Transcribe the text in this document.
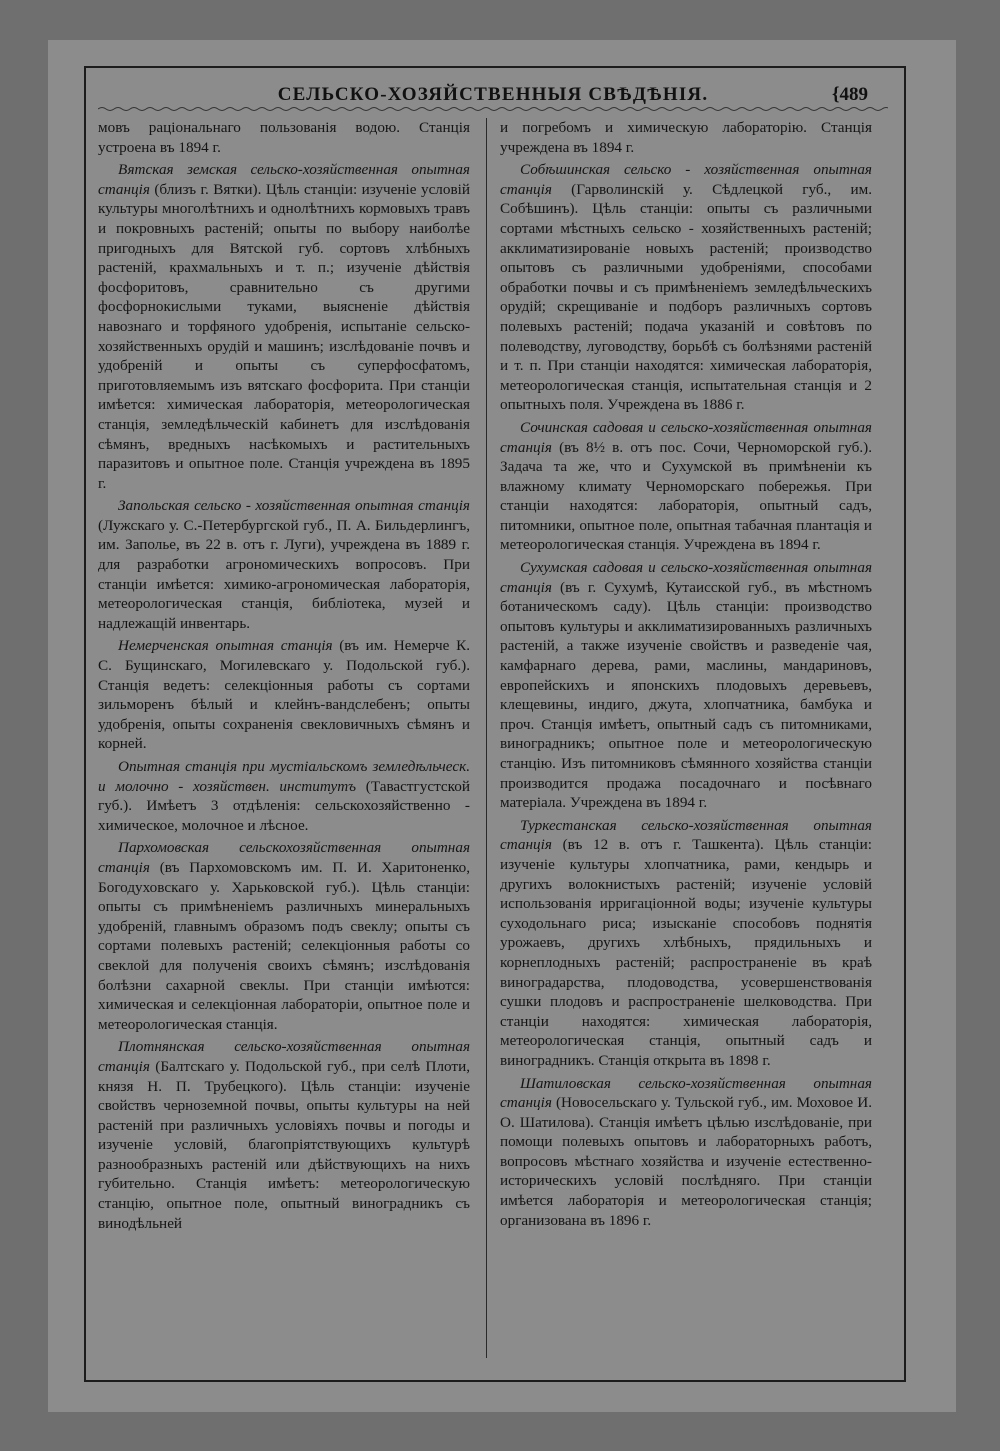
СЕЛЬСКО-ХОЗЯЙСТВЕННЫЯ СВѢДѢНІЯ.	{489

мовъ раціональнаго пользованія водою. Станція устроена въ 1894 г.

Вятская земская сельско-хозяйственная опытная станція (близъ г. Вятки). Цѣль станціи: изученіе условій культуры многолѣтнихъ и однолѣтнихъ кормовыхъ травъ и покровныхъ растеній; опыты по выбору наиболѣе пригодныхъ для Вятской губ. сортовъ хлѣбныхъ растеній, крахмальныхъ и т. п.; изученіе дѣйствія фосфоритовъ, сравнительно съ другими фосфорнокислыми туками, выясненіе дѣйствія навознаго и торфяного удобренія, испытаніе сельско-хозяйственныхъ орудій и машинъ; изслѣдованіе почвъ и удобреній и опыты съ суперфосфатомъ, приготовляемымъ изъ вятскаго фосфорита. При станціи имѣется: химическая лабораторія, метеорологическая станція, земледѣльческій кабинетъ для изслѣдованія сѣмянъ, вредныхъ насѣкомыхъ и растительныхъ паразитовъ и опытное поле. Станція учреждена въ 1895 г.

Запольская сельско - хозяйственная опытная станція (Лужскаго у. С.-Петербургской губ., П. А. Бильдерлингъ, им. Заполье, въ 22 в. отъ г. Луги), учреждена въ 1889 г. для разработки агрономическихъ вопросовъ. При станціи имѣется: химико-агрономическая лабораторія, метеорологическая станція, библіотека, музей и надлежащій инвентарь.

Немерченская опытная станція (въ им. Немерче К. С. Бущинскаго, Могилевскаго у. Подольской губ.). Станція ведетъ: селекціонныя работы съ сортами зильморенъ бѣлый и клейнъ-вандслебенъ; опыты удобренія, опыты сохраненія свекловичныхъ сѣмянъ и корней.

Опытная станція при мустіальскомъ земледѣльческ. и молочно - хозяйствен. институтъ (Тавастгустской губ.). Имѣетъ 3 отдѣленія: сельскохозяйственно - химическое, молочное и лѣсное.

Пархомовская сельскохозяйственная опытная станція (въ Пархомовскомъ им. П. И. Харитоненко, Богодуховскаго у. Харьковской губ.). Цѣль станціи: опыты съ примѣненіемъ различныхъ минеральныхъ удобреній, главнымъ образомъ подъ свеклу; опыты съ сортами полевыхъ растеній; селекціонныя работы со свеклой для полученія своихъ сѣмянъ; изслѣдованія болѣзни сахарной свеклы. При станціи имѣются: химическая и селекціонная лабораторіи, опытное поле и метеорологическая станція.

Плотнянская сельско-хозяйственная опытная станція (Балтскаго у. Подольской губ., при селѣ Плоти, князя Н. П. Трубецкого). Цѣль станціи: изученіе свойствъ черноземной почвы, опыты культуры на ней растеній при различныхъ условіяхъ почвы и погоды и изученіе условій, благопріятствующихъ культурѣ разнообразныхъ растеній или дѣйствующихъ на нихъ губительно. Станція имѣетъ: метеорологическую станцію, опытное поле, опытный виноградникъ съ винодѣльней

и погребомъ и химическую лабораторію. Станція учреждена въ 1894 г.

Собѣшинская сельско - хозяйственная опытная станція (Гарволинскій у. Сѣдлецкой губ., им. Собѣшинъ). Цѣль станціи: опыты съ различными сортами мѣстныхъ сельско - хозяйственныхъ растеній; акклиматизированіе новыхъ растеній; производство опытовъ съ различными удобреніями, способами обработки почвы и съ примѣненіемъ земледѣльческихъ орудій; скрещиваніе и подборъ различныхъ сортовъ полевыхъ растеній; подача указаній и совѣтовъ по полеводству, луговодству, борьбѣ съ болѣзнями растеній и т. п. При станціи находятся: химическая лабораторія, метеорологическая станція, испытательная станція и 2 опытныхъ поля. Учреждена въ 1886 г.

Сочинская садовая и сельско-хозяйственная опытная станція (въ 8½ в. отъ пос. Сочи, Черноморской губ.). Задача та же, что и Сухумской въ примѣненіи къ влажному климату Черноморскаго побережья. При станціи находятся: лабораторія, опытный садъ, питомники, опытное поле, опытная табачная плантація и метеорологическая станція. Учреждена въ 1894 г.

Сухумская садовая и сельско-хозяйственная опытная станція (въ г. Сухумѣ, Кутаисской губ., въ мѣстномъ ботаническомъ саду). Цѣль станціи: производство опытовъ культуры и акклиматизированныхъ различныхъ растеній, а также изученіе свойствъ и разведеніе чая, камфарнаго дерева, рами, маслины, мандариновъ, европейскихъ и японскихъ плодовыхъ деревьевъ, клещевины, индиго, джута, хлопчатника, бамбука и проч. Станція имѣетъ, опытный садъ съ питомниками, виноградникъ; опытное поле и метеорологическую станцію. Изъ питомниковъ сѣмянного хозяйства станціи производится продажа посадочнаго и посѣвнаго матеріала. Учреждена въ 1894 г.

Туркестанская сельско-хозяйственная опытная станція (въ 12 в. отъ г. Ташкента). Цѣль станціи: изученіе культуры хлопчатника, рами, кендырь и другихъ волокнистыхъ растеній; изученіе условій использованія ирригаціонной воды; изученіе культуры суходольнаго риса; изысканіе способовъ поднятія урожаевъ, другихъ хлѣбныхъ, прядильныхъ и корнеплодныхъ растеній; распространеніе въ краѣ виноградарства, плодоводства, усовершенствованія сушки плодовъ и распространеніе шелководства. При станціи находятся: химическая лабораторія, метеорологическая станція, опытный садъ и виноградникъ. Станція открыта въ 1898 г.

Шатиловская сельско-хозяйственная опытная станція (Новосельскаго у. Тульской губ., им. Моховое И. О. Шатилова). Станція имѣетъ цѣлью изслѣдованіе, при помощи полевыхъ опытовъ и лабораторныхъ работъ, вопросовъ мѣстнаго хозяйства и изученіе естественно-историческихъ условій послѣдняго. При станціи имѣется лабораторія и метеорологическая станція; организована въ 1896 г.
